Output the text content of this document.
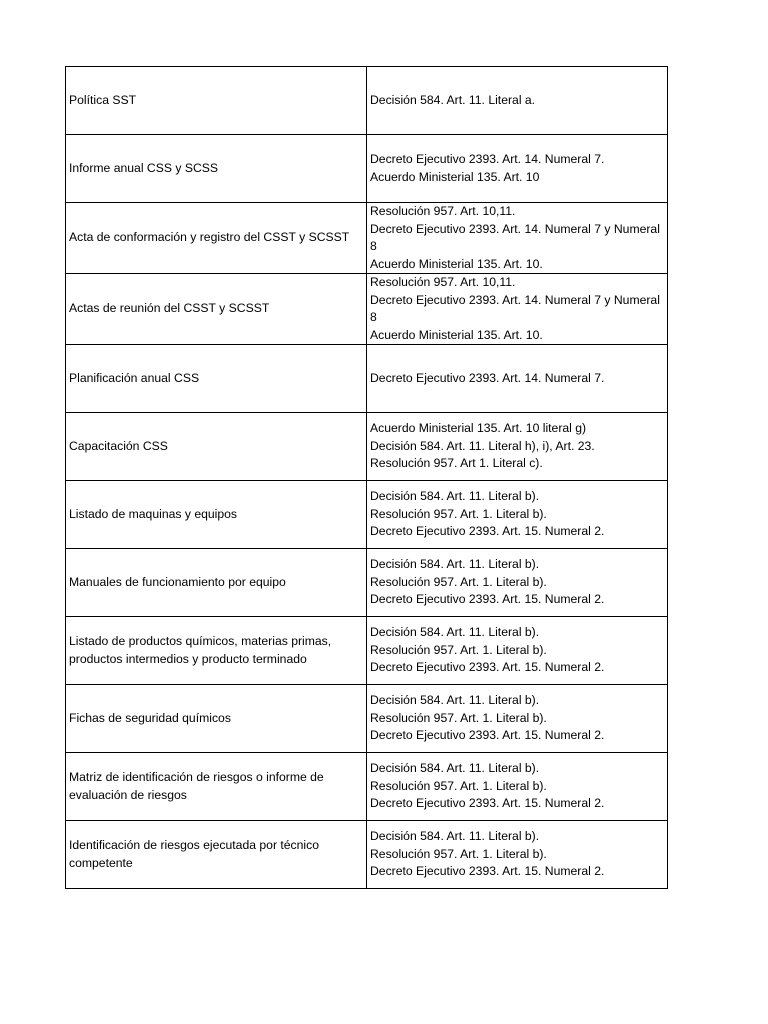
Política SST	Decisión 584. Art. 11. Literal a.

Informe anual CSS y SCSS	Decreto Ejecutivo 2393. Art. 14. Numeral 7.
Acuerdo Ministerial 135. Art. 10

Acta de conformación y registro del CSST y SCSST	Resolución 957. Art. 10,11.
Decreto Ejecutivo 2393. Art. 14. Numeral 7 y Numeral 8
Acuerdo Ministerial 135. Art. 10.

Actas de reunión del CSST y SCSST	Resolución 957. Art. 10,11.
Decreto Ejecutivo 2393. Art. 14. Numeral 7 y Numeral 8
Acuerdo Ministerial 135. Art. 10.

Planificación anual CSS	Decreto Ejecutivo 2393. Art. 14. Numeral 7.

Capacitación CSS	Acuerdo Ministerial 135. Art. 10 literal g)
Decisión 584. Art. 11. Literal h), i), Art. 23.
Resolución 957. Art 1. Literal c).

Listado de maquinas y equipos	Decisión 584. Art. 11. Literal b).
Resolución 957. Art. 1. Literal b).
Decreto Ejecutivo 2393. Art. 15. Numeral 2.

Manuales de funcionamiento por equipo	Decisión 584. Art. 11. Literal b).
Resolución 957. Art. 1. Literal b).
Decreto Ejecutivo 2393. Art. 15. Numeral 2.

Listado de productos químicos, materias primas, productos intermedios y producto terminado	Decisión 584. Art. 11. Literal b).
Resolución 957. Art. 1. Literal b).
Decreto Ejecutivo 2393. Art. 15. Numeral 2.

Fichas de seguridad químicos	Decisión 584. Art. 11. Literal b).
Resolución 957. Art. 1. Literal b).
Decreto Ejecutivo 2393. Art. 15. Numeral 2.

Matriz de identificación de riesgos o informe de evaluación de riesgos	Decisión 584. Art. 11. Literal b).
Resolución 957. Art. 1. Literal b).
Decreto Ejecutivo 2393. Art. 15. Numeral 2.

Identificación de riesgos ejecutada por técnico competente	Decisión 584. Art. 11. Literal b).
Resolución 957. Art. 1. Literal b).
Decreto Ejecutivo 2393. Art. 15. Numeral 2.
